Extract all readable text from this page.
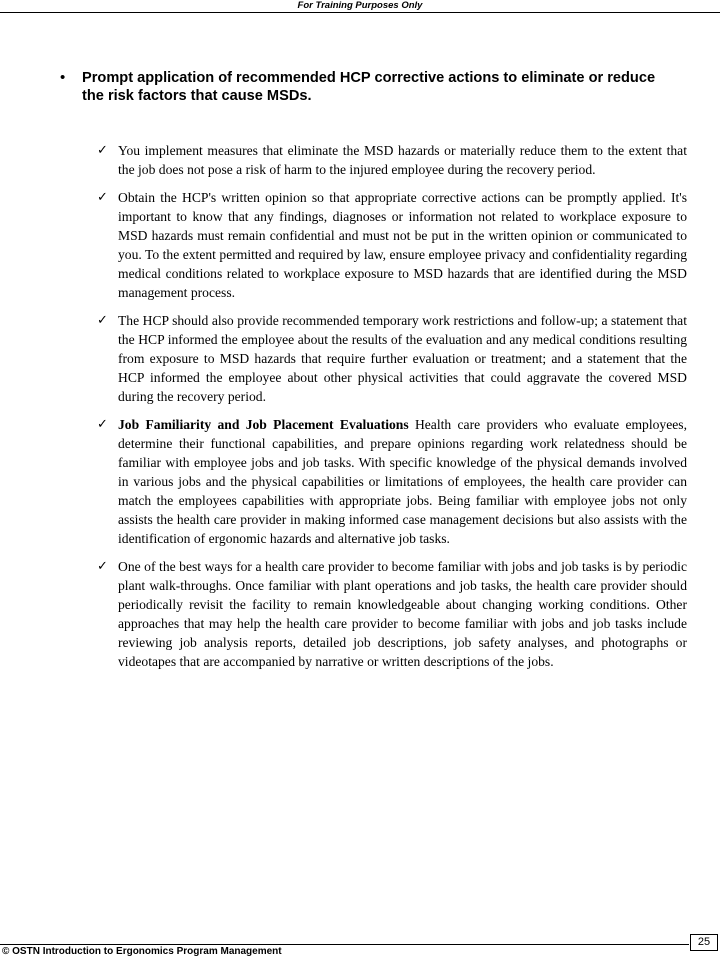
For Training Purposes Only
• Prompt application of recommended HCP corrective actions to eliminate or reduce the risk factors that cause MSDs.
✓ You implement measures that eliminate the MSD hazards or materially reduce them to the extent that the job does not pose a risk of harm to the injured employee during the recovery period.
✓ Obtain the HCP's written opinion so that appropriate corrective actions can be promptly applied. It's important to know that any findings, diagnoses or information not related to workplace exposure to MSD hazards must remain confidential and must not be put in the written opinion or communicated to you. To the extent permitted and required by law, ensure employee privacy and confidentiality regarding medical conditions related to workplace exposure to MSD hazards that are identified during the MSD management process.
✓ The HCP should also provide recommended temporary work restrictions and follow-up; a statement that the HCP informed the employee about the results of the evaluation and any medical conditions resulting from exposure to MSD hazards that require further evaluation or treatment; and a statement that the HCP informed the employee about other physical activities that could aggravate the covered MSD during the recovery period.
✓ Job Familiarity and Job Placement Evaluations Health care providers who evaluate employees, determine their functional capabilities, and prepare opinions regarding work relatedness should be familiar with employee jobs and job tasks. With specific knowledge of the physical demands involved in various jobs and the physical capabilities or limitations of employees, the health care provider can match the employees capabilities with appropriate jobs. Being familiar with employee jobs not only assists the health care provider in making informed case management decisions but also assists with the identification of ergonomic hazards and alternative job tasks.
✓ One of the best ways for a health care provider to become familiar with jobs and job tasks is by periodic plant walk-throughs. Once familiar with plant operations and job tasks, the health care provider should periodically revisit the facility to remain knowledgeable about changing working conditions. Other approaches that may help the health care provider to become familiar with jobs and job tasks include reviewing job analysis reports, detailed job descriptions, job safety analyses, and photographs or videotapes that are accompanied by narrative or written descriptions of the jobs.
25
© OSTN Introduction to Ergonomics Program Management
